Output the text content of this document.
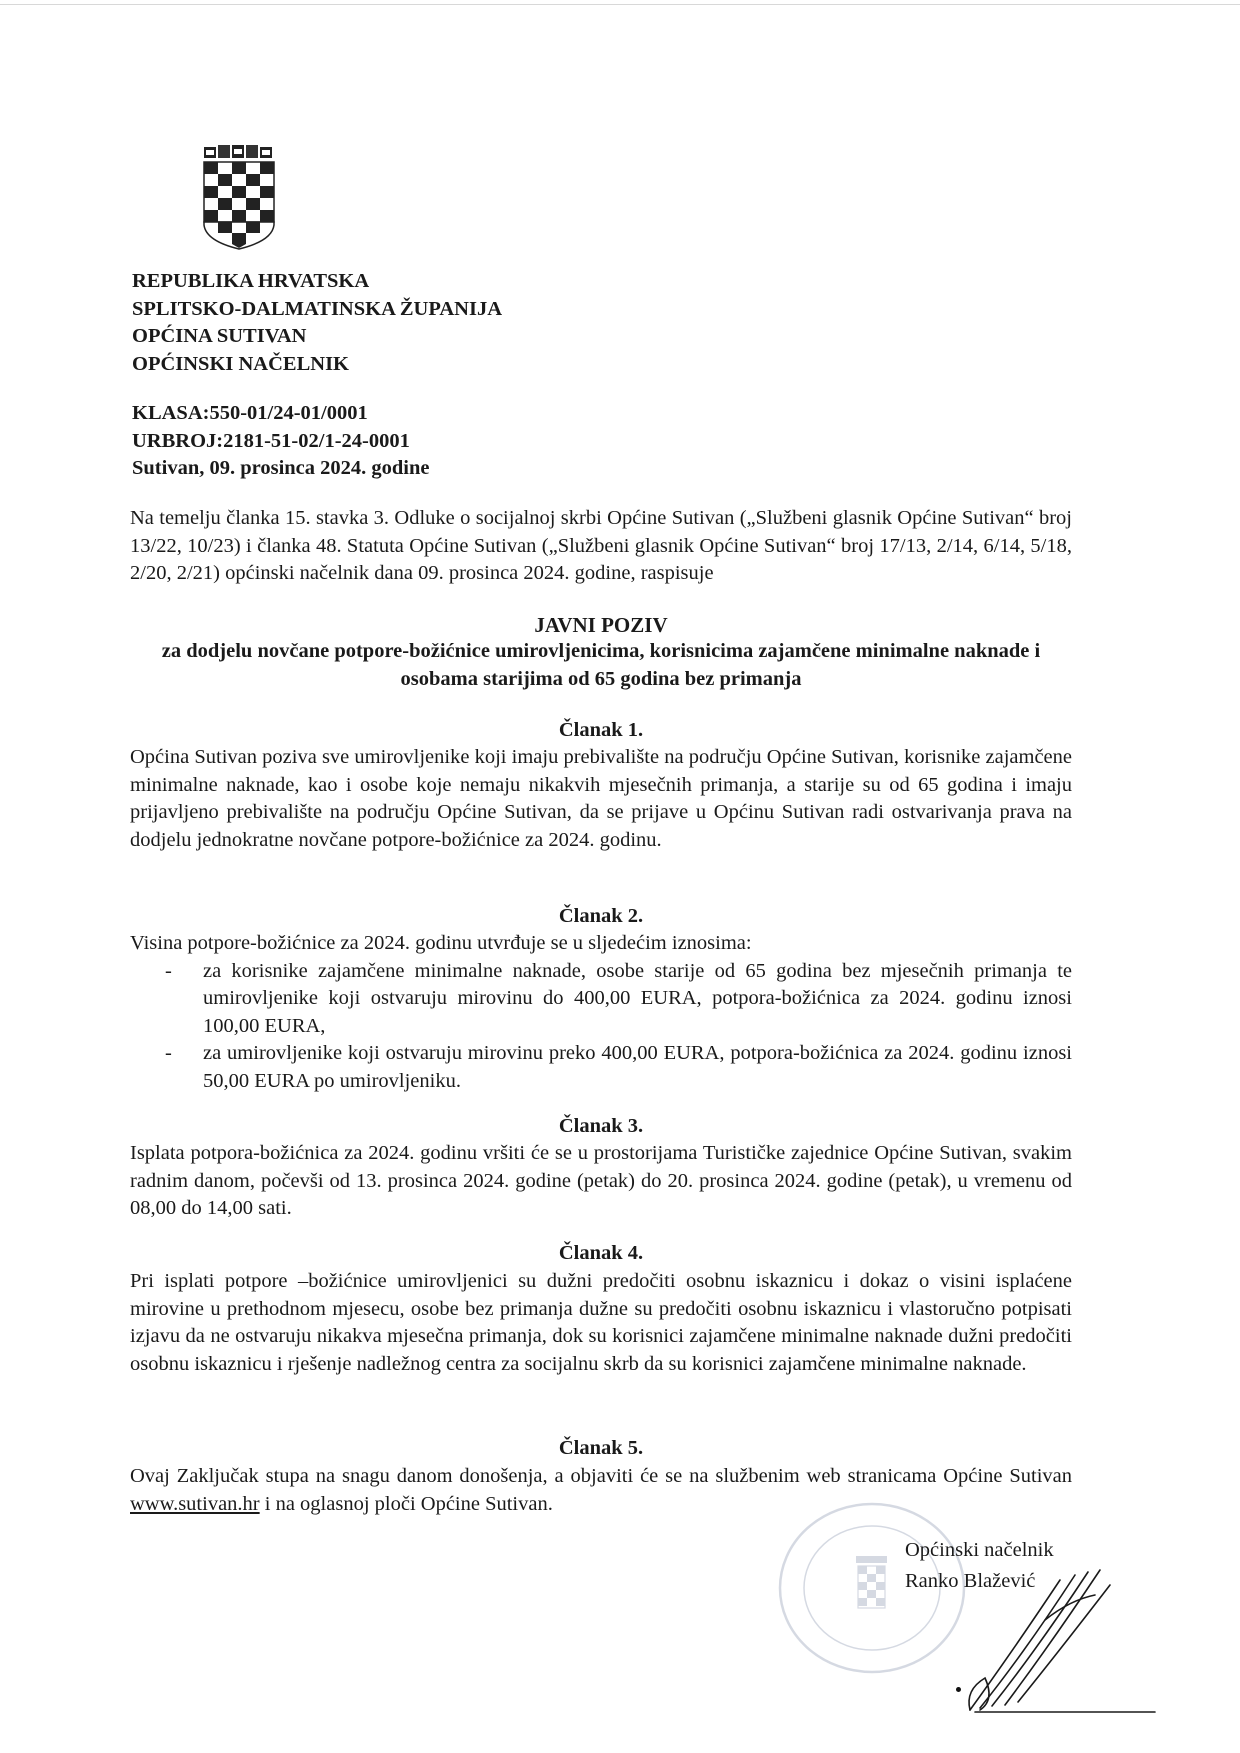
REPUBLIKA HRVATSKA
SPLITSKO-DALMATINSKA ŽUPANIJA
OPĆINA SUTIVAN
OPĆINSKI NAČELNIK
KLASA:550-01/24-01/0001
URBROJ:2181-51-02/1-24-0001
Sutivan, 09. prosinca 2024. godine
Na temelju članka 15. stavka 3. Odluke o socijalnoj skrbi Općine Sutivan („Službeni glasnik Općine Sutivan“ broj 13/22, 10/23) i članka 48. Statuta Općine Sutivan („Službeni glasnik Općine Sutivan“ broj 17/13, 2/14, 6/14, 5/18, 2/20, 2/21) općinski načelnik dana 09. prosinca 2024. godine, raspisuje
JAVNI POZIV
za dodjelu novčane potpore-božićnice umirovljenicima, korisnicima zajamčene minimalne naknade i osobama starijima od 65 godina bez primanja
Članak 1.
Općina Sutivan poziva sve umirovljenike koji imaju prebivalište na području Općine Sutivan, korisnike zajamčene minimalne naknade, kao i osobe koje nemaju nikakvih mjesečnih primanja, a starije su od 65 godina i imaju prijavljeno prebivalište na području Općine Sutivan, da se prijave u Općinu Sutivan radi ostvarivanja prava na dodjelu jednokratne novčane potpore-božićnice za 2024. godinu.
Članak 2.
Visina potpore-božićnice za 2024. godinu utvrđuje se u sljedećim iznosima:
- za korisnike zajamčene minimalne naknade, osobe starije od 65 godina bez mjesečnih primanja te umirovljenike koji ostvaruju mirovinu do 400,00 EURA, potpora-božićnica za 2024. godinu iznosi 100,00 EURA,
- za umirovljenike koji ostvaruju mirovinu preko 400,00 EURA, potpora-božićnica za 2024. godinu iznosi 50,00 EURA po umirovljeniku.
Članak 3.
Isplata potpora-božićnica za 2024. godinu vršiti će se u prostorijama Turističke zajednice Općine Sutivan, svakim radnim danom, počevši od 13. prosinca 2024. godine (petak) do 20. prosinca 2024. godine (petak), u vremenu od 08,00 do 14,00 sati.
Članak 4.
Pri isplati potpore –božićnice umirovljenici su dužni predočiti osobnu iskaznicu i dokaz o visini isplaćene mirovine u prethodnom mjesecu, osobe bez primanja dužne su predočiti osobnu iskaznicu i vlastoručno potpisati izjavu da ne ostvaruju nikakva mjesečna primanja, dok su korisnici zajamčene minimalne naknade dužni predočiti osobnu iskaznicu i rješenje nadležnog centra za socijalnu skrb da su korisnici zajamčene minimalne naknade.
Članak 5.
Ovaj Zaključak stupa na snagu danom donošenja, a objaviti će se na službenim web stranicama Općine Sutivan www.sutivan.hr i na oglasnoj ploči Općine Sutivan.
Općinski načelnik
Ranko Blažević
